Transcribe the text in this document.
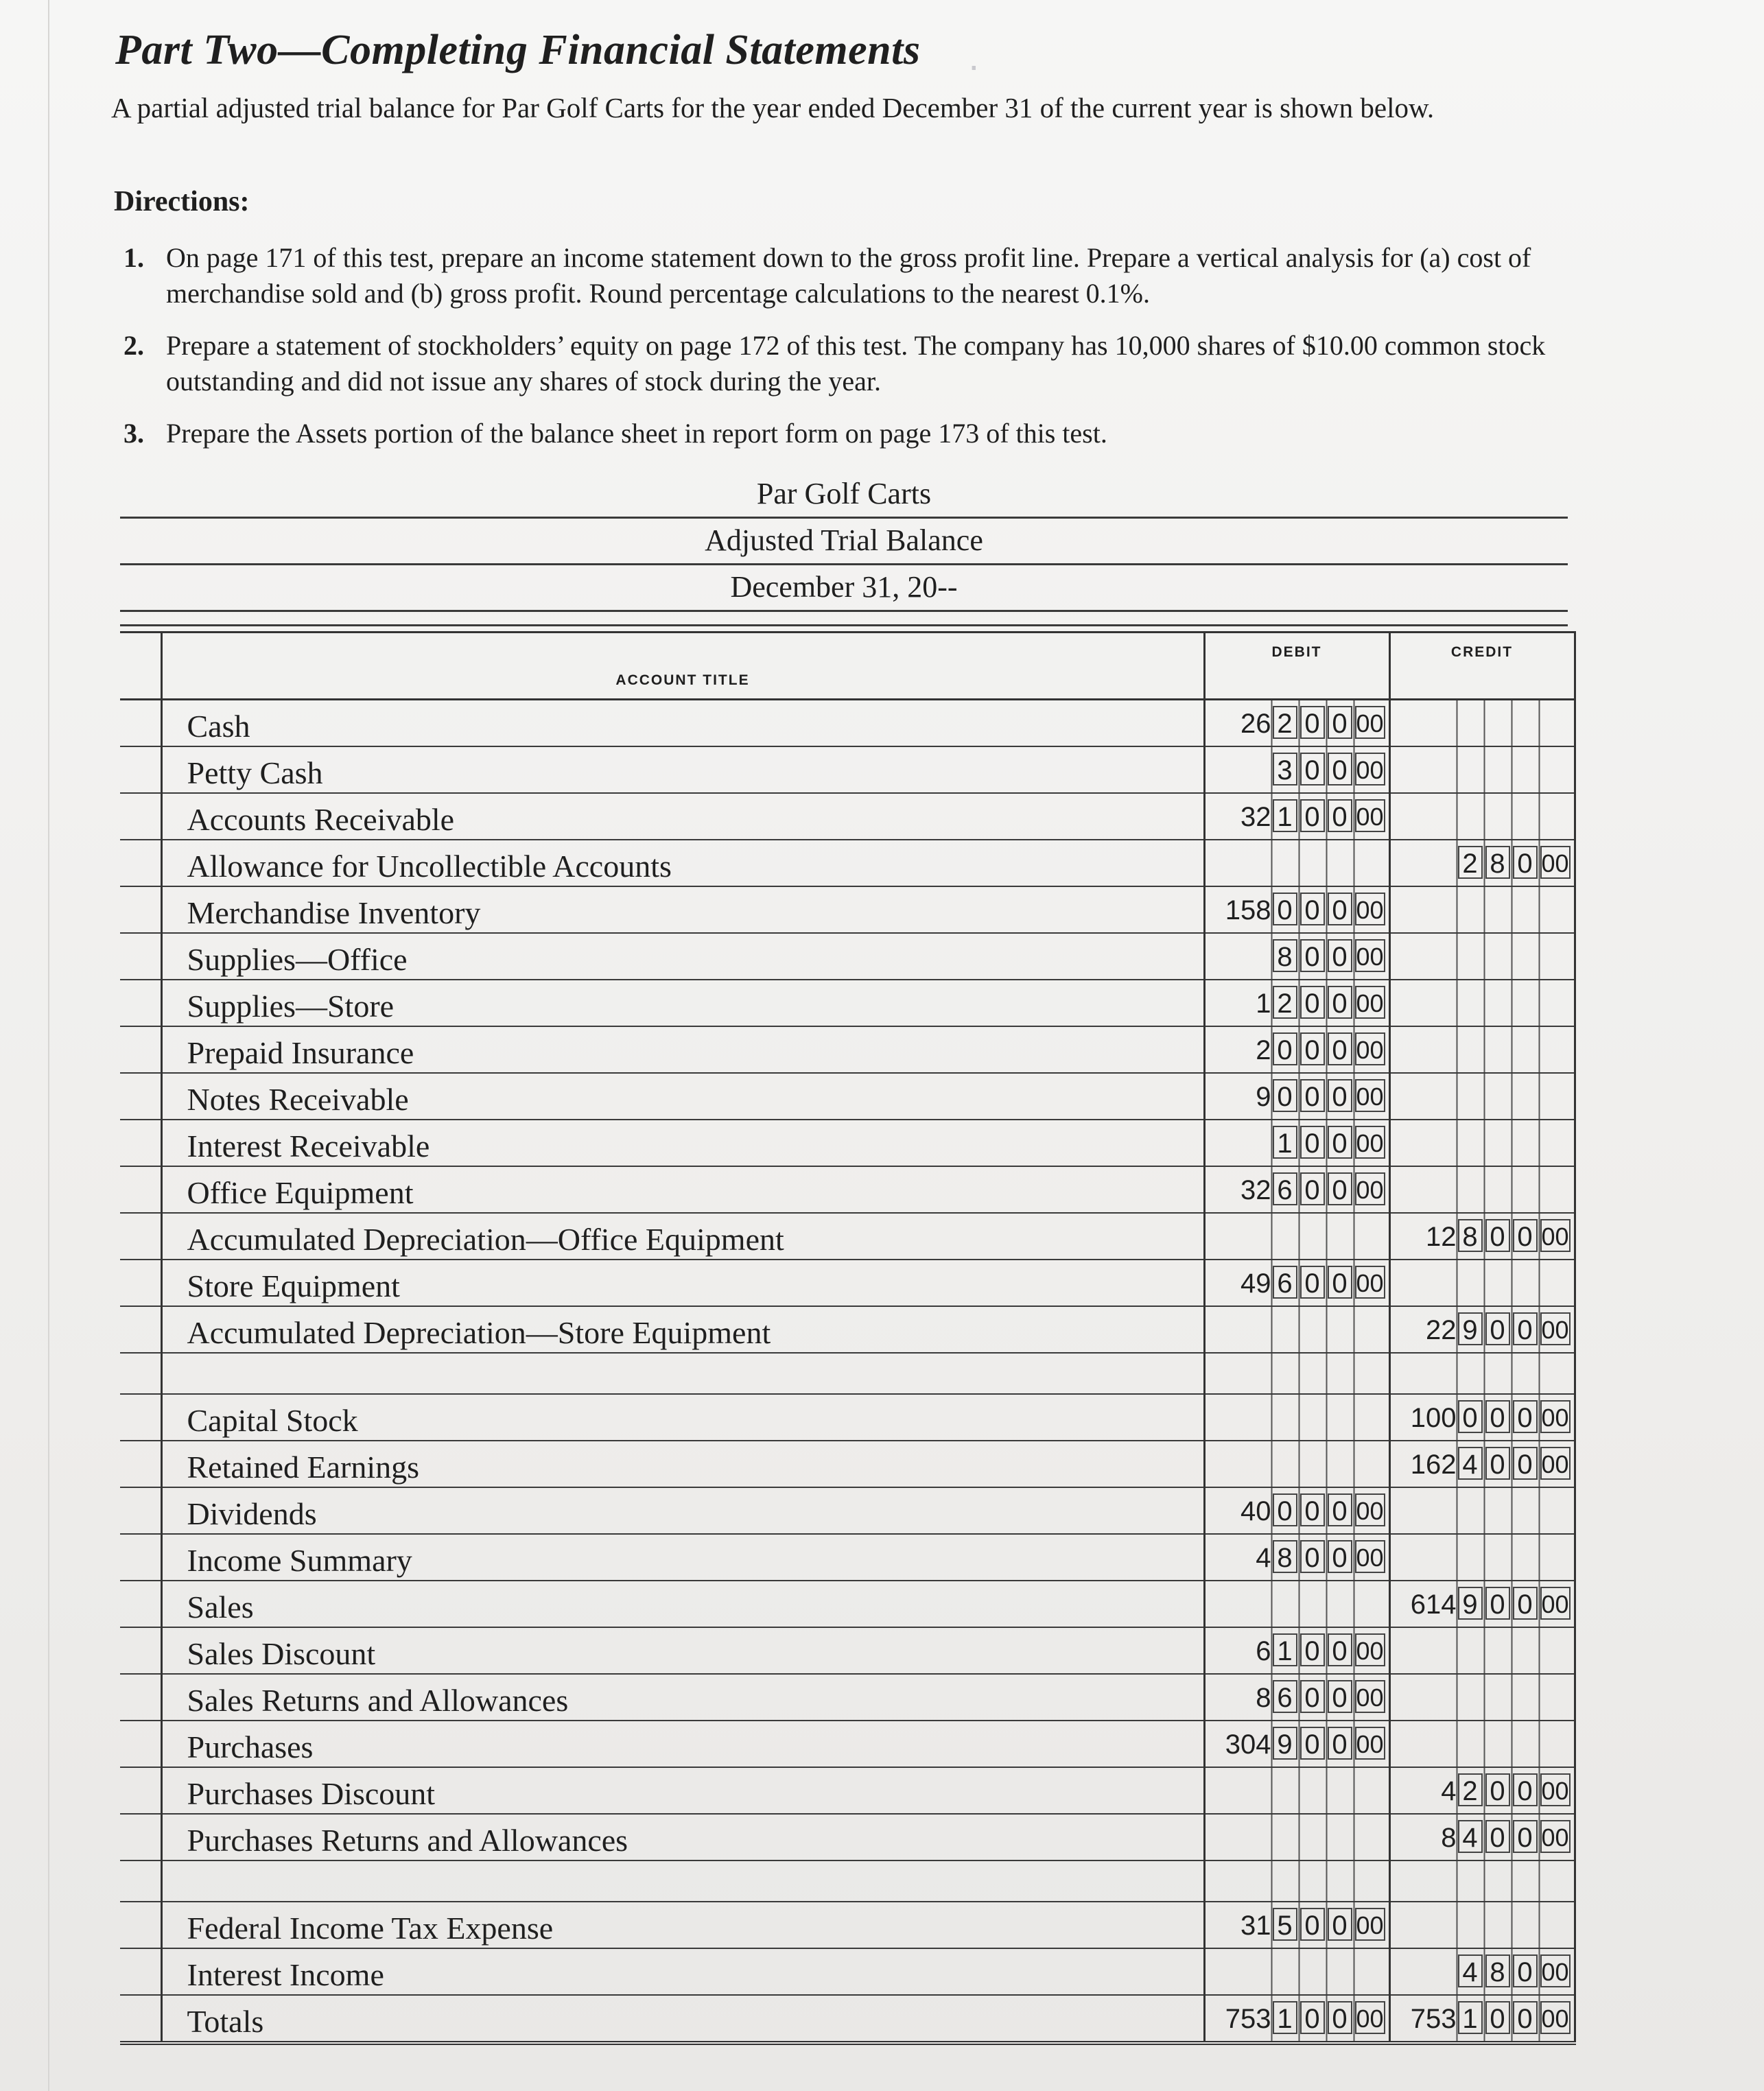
Part Two—Completing Financial Statements ·
A partial adjusted trial balance for Par Golf Carts for the year ended December 31 of the current year is shown below.
Directions:
1. On page 171 of this test, prepare an income statement down to the gross profit line. Prepare a vertical analysis for (a) cost of merchandise sold and (b) gross profit. Round percentage calculations to the nearest 0.1%.
2. Prepare a statement of stockholders’ equity on page 172 of this test. The company has 10,000 shares of $10.00 common stock outstanding and did not issue any shares of stock during the year.
3. Prepare the Assets portion of the balance sheet in report form on page 173 of this test.
Par Golf Carts
Adjusted Trial Balance
December 31, 20--
	ACCOUNT TITLE	DEBIT	CREDIT
	Cash	26 2 0 0 00	

	Petty Cash	3 0 0 00	

	Accounts Receivable	32 1 0 0 00	

	Allowance for Uncollectible Accounts		2 8 0 00

	Merchandise Inventory	158 0 0 0 00	

	Supplies—Office	8 0 0 00	

	Supplies—Store	1 2 0 0 00	

	Prepaid Insurance	2 0 0 0 00	

	Notes Receivable	9 0 0 0 00	

	Interest Receivable	1 0 0 00	

	Office Equipment	32 6 0 0 00	

	Accumulated Depreciation—Office Equipment		12 8 0 0 00

	Store Equipment	49 6 0 0 00	

	Accumulated Depreciation—Store Equipment		22 9 0 0 00

	Capital Stock		100 0 0 0 00

	Retained Earnings		162 4 0 0 00

	Dividends	40 0 0 0 00	

	Income Summary	4 8 0 0 00	

	Sales		614 9 0 0 00

	Sales Discount	6 1 0 0 00	

	Sales Returns and Allowances	8 6 0 0 00	

	Purchases	304 9 0 0 00	

	Purchases Discount		4 2 0 0 00

	Purchases Returns and Allowances		8 4 0 0 00

	Federal Income Tax Expense	31 5 0 0 00	

	Interest Income		4 8 0 00

	Totals	753 1 0 0 00	753 1 0 0 00
